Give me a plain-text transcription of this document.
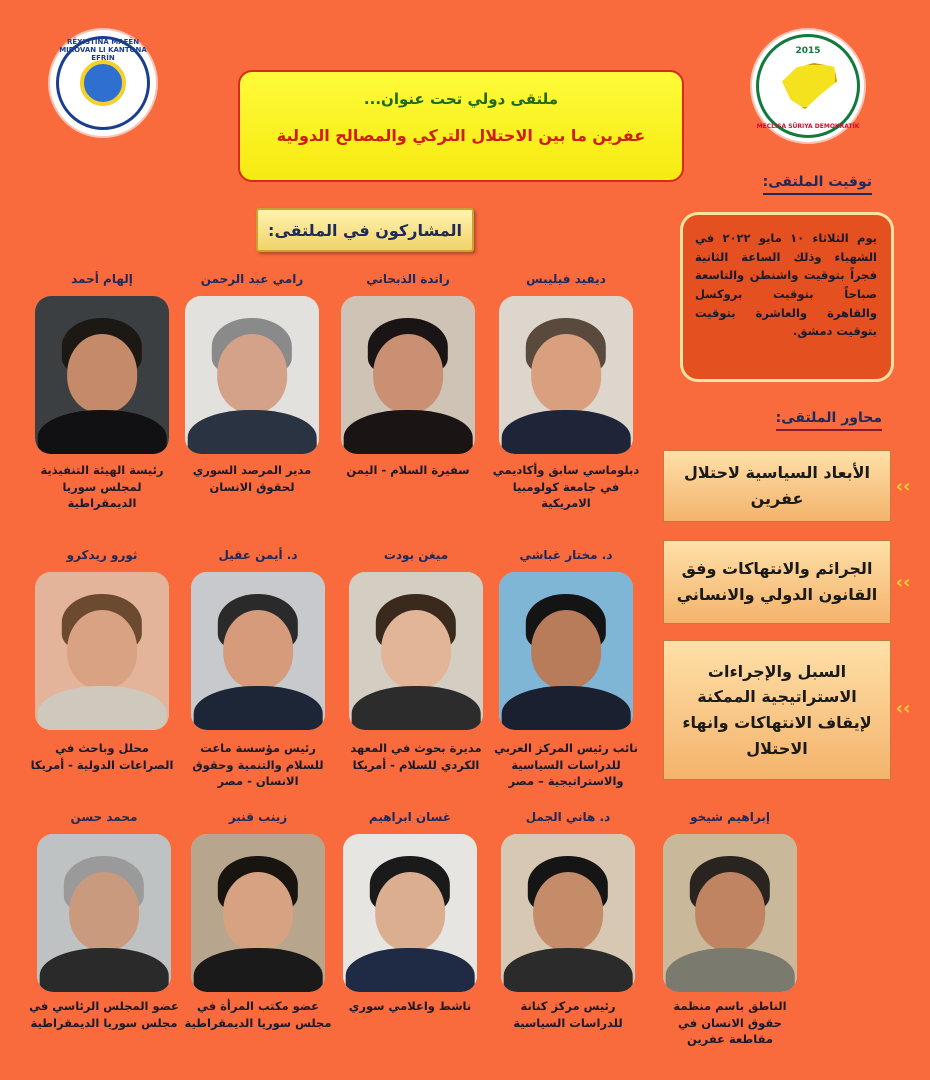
RÊXISTINA MAFÊN MIROVAN LI KANTONA EFRÎN
2015
MECLISA SÛRIYA DEMOKRATÎK
ملتقى دولي تحت عنوان...
عفرين ما بين الاحتلال التركي والمصالح الدولية
توقيت الملتقى:
يوم الثلاثاء ١٠ مايو ٢٠٢٢ في الشهباء وذلك الساعة الثانية فجراً بتوقيت واشنطن والتاسعة صباحاً بتوقيت بروكسل والقاهرة والعاشرة بتوقيت بتوقيت دمشق.
المشاركون في الملتقى:
محاور الملتقى:
الأبعاد السياسية لاحتلال عفرين
‹‹
الجرائم والانتهاكات وفق القانون الدولي والانساني
‹‹
السبل والإجراءات الاستراتيجية الممكنة لإيقاف الانتهاكات وانهاء الاحتلال
‹‹
ديفيد فيليبس
دبلوماسي سابق وأكاديمي في جامعة كولومبيا الامريكية
راندة الذبحاني
سفيرة السلام - اليمن
رامي عبد الرحمن
مدير المرصد السوري لحقوق الانسان
إلهام أحمد
رئيسة الهيئة التنفيذية لمجلس سوريا الديمقراطية
د. مختار غباشي
نائب رئيس المركز العربي للدراسات السياسية والاستراتيجية – مصر
ميغن بودت
مديرة بحوث في المعهد الكردي للسلام - أمريكا
د. أيمن عقيل
رئيس مؤسسة ماعت للسلام والتنمية وحقوق الانسان - مصر
ثورو ريدكرو
محلل وباحث في الصراعات الدولية - أمريكا
إبراهيم شيخو
الناطق باسم منظمة حقوق الانسان في مقاطعة عفرين
د. هاني الجمل
رئيس مركز كنانة للدراسات السياسية
غسان ابراهيم
ناشط واعلامي سوري
زينب قنبر
عضو مكتب المرأة في مجلس سوريا الديمقراطية
محمد حسن
عضو المجلس الرئاسي في مجلس سوريا الديمقراطية
